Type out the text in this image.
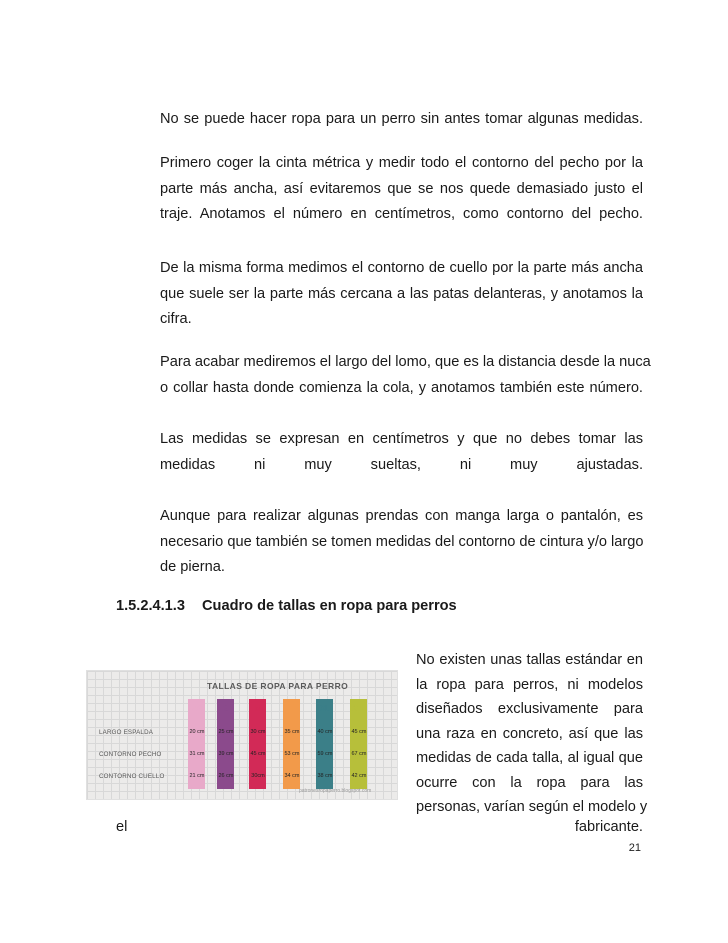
No se puede hacer ropa para un perro sin antes tomar algunas medidas.
Primero coger la cinta métrica y medir todo el contorno del pecho por la
parte más ancha, así evitaremos que se nos quede demasiado justo el
traje. Anotamos el número en centímetros, como contorno del pecho.
De la misma forma medimos el contorno de cuello por la parte más ancha
que suele ser la parte más cercana a las patas delanteras, y anotamos la
cifra.
Para acabar mediremos el largo del lomo, que es la distancia desde la nuca
o collar hasta donde comienza la cola, y anotamos también este número.
Las medidas se expresan en centímetros y que no debes tomar las
medidas ni muy sueltas, ni muy ajustadas.
Aunque para realizar algunas prendas con manga larga o pantalón, es
necesario que también se tomen medidas del contorno de cintura y/o largo
de pierna.
1.5.2.4.1.3 Cuadro de tallas en ropa para perros
TALLAS DE ROPA PARA PERRO
LARGO ESPALDA
CONTORNO PECHO
CONTORNO CUELLO
XS
20 cm
31 cm
21 cm
S
25 cm
39 cm
26 cm
M
30 cm
45 cm
30cm
L
35 cm
53 cm
34 cm
XL
40 cm
59 cm
38 cm
XXL
45 cm
67 cm
42 cm
patronesropaperro.blogspot.com
No existen unas tallas estándar en
la ropa para perros, ni modelos
diseñados exclusivamente para
una raza en concreto, así que las
medidas de cada talla, al igual que
ocurre con la ropa para las
personas, varían según el modelo y
el	fabricante.
21
